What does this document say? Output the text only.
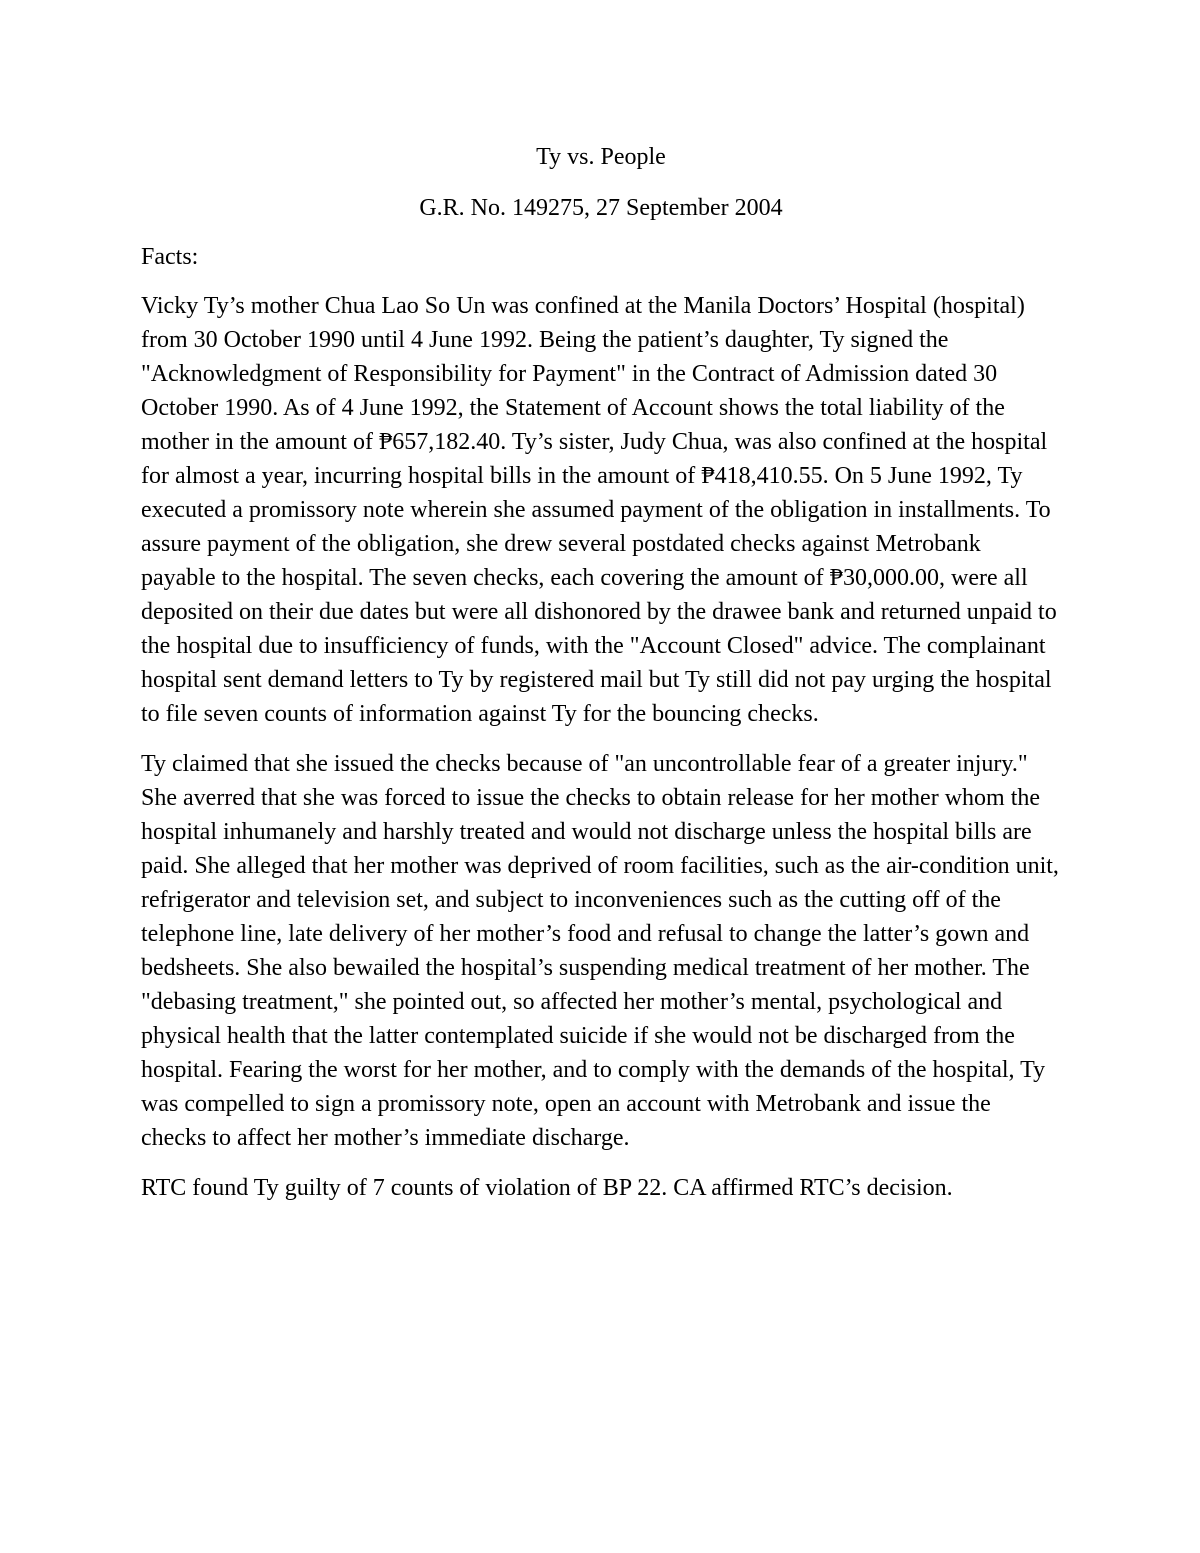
Ty vs. People

G.R. No. 149275, 27 September 2004

Facts:

Vicky Ty’s mother Chua Lao So Un was confined at the Manila Doctors’ Hospital (hospital) from 30 October 1990 until 4 June 1992. Being the patient’s daughter, Ty signed the "Acknowledgment of Responsibility for Payment" in the Contract of Admission dated 30 October 1990. As of 4 June 1992, the Statement of Account shows the total liability of the mother in the amount of ₱657,182.40. Ty’s sister, Judy Chua, was also confined at the hospital for almost a year, incurring hospital bills in the amount of ₱418,410.55. On 5 June 1992, Ty executed a promissory note wherein she assumed payment of the obligation in installments. To assure payment of the obligation, she drew several postdated checks against Metrobank payable to the hospital. The seven checks, each covering the amount of ₱30,000.00, were all deposited on their due dates but were all dishonored by the drawee bank and returned unpaid to the hospital due to insufficiency of funds, with the "Account Closed" advice. The complainant hospital sent demand letters to Ty by registered mail but Ty still did not pay urging the hospital to file seven counts of information against Ty for the bouncing checks.

Ty claimed that she issued the checks because of "an uncontrollable fear of a greater injury." She averred that she was forced to issue the checks to obtain release for her mother whom the hospital inhumanely and harshly treated and would not discharge unless the hospital bills are paid. She alleged that her mother was deprived of room facilities, such as the air-condition unit, refrigerator and television set, and subject to inconveniences such as the cutting off of the telephone line, late delivery of her mother’s food and refusal to change the latter’s gown and bedsheets. She also bewailed the hospital’s suspending medical treatment of her mother. The "debasing treatment," she pointed out, so affected her mother’s mental, psychological and physical health that the latter contemplated suicide if she would not be discharged from the hospital. Fearing the worst for her mother, and to comply with the demands of the hospital, Ty was compelled to sign a promissory note, open an account with Metrobank and issue the checks to affect her mother’s immediate discharge.

RTC found Ty guilty of 7 counts of violation of BP 22. CA affirmed RTC’s decision.
